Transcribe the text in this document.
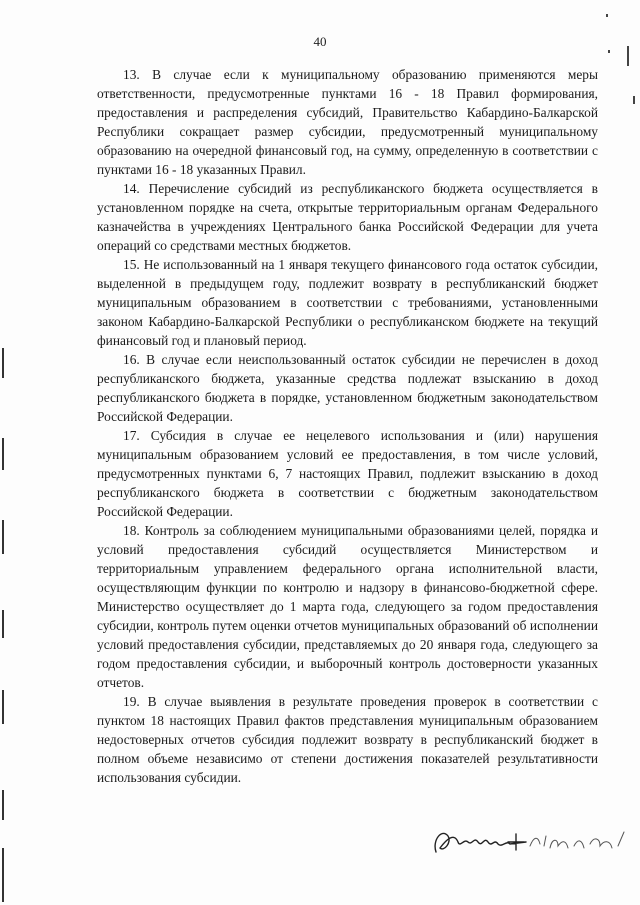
40

13. В случае если к муниципальному образованию применяются меры ответственности, предусмотренные пунктами 16 - 18 Правил формирования, предоставления и распределения субсидий, Правительство Кабардино-Балкарской Республики сокращает размер субсидии, предусмотренный муниципальному образованию на очередной финансовый год, на сумму, определенную в соответствии с пунктами 16 - 18 указанных Правил.

14. Перечисление субсидий из республиканского бюджета осуществляется в установленном порядке на счета, открытые территориальным органам Федерального казначейства в учреждениях Центрального банка Российской Федерации для учета операций со средствами местных бюджетов.

15. Не использованный на 1 января текущего финансового года остаток субсидии, выделенной в предыдущем году, подлежит возврату в республиканский бюджет муниципальным образованием в соответствии с требованиями, установленными законом Кабардино-Балкарской Республики о республиканском бюджете на текущий финансовый год и плановый период.

16. В случае если неиспользованный остаток субсидии не перечислен в доход республиканского бюджета, указанные средства подлежат взысканию в доход республиканского бюджета в порядке, установленном бюджетным законодательством Российской Федерации.

17. Субсидия в случае ее нецелевого использования и (или) нарушения муниципальным образованием условий ее предоставления, в том числе условий, предусмотренных пунктами 6, 7 настоящих Правил, подлежит взысканию в доход республиканского бюджета в соответствии с бюджетным законодательством Российской Федерации.

18. Контроль за соблюдением муниципальными образованиями целей, порядка и условий предоставления субсидий осуществляется Министерством и территориальным управлением федерального органа исполнительной власти, осуществляющим функции по контролю и надзору в финансово-бюджетной сфере. Министерство осуществляет до 1 марта года, следующего за годом предоставления субсидии, контроль путем оценки отчетов муниципальных образований об исполнении условий предоставления субсидии, представляемых до 20 января года, следующего за годом предоставления субсидии, и выборочный контроль достоверности указанных отчетов.

19. В случае выявления в результате проведения проверок в соответствии с пунктом 18 настоящих Правил фактов представления муниципальным образованием недостоверных отчетов субсидия подлежит возврату в республиканский бюджет в полном объеме независимо от степени достижения показателей результативности использования субсидии.
